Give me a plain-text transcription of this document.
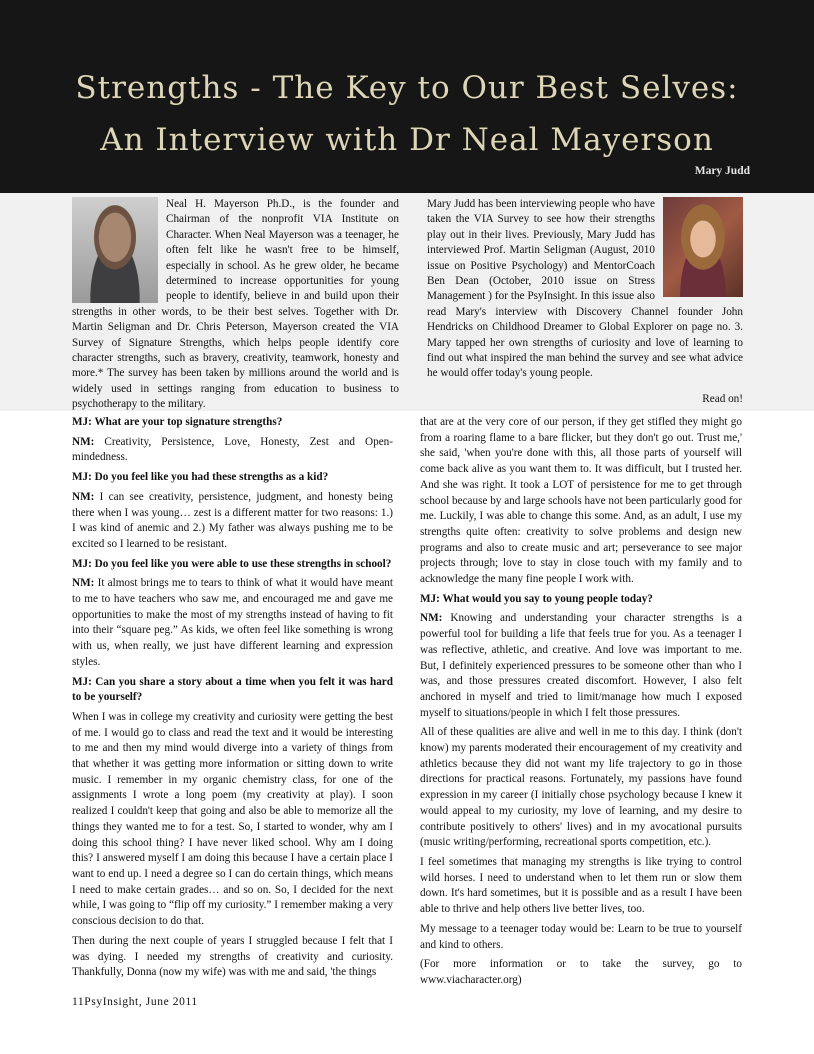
Strengths - The Key to Our Best Selves:
An Interview with Dr Neal Mayerson
Mary Judd
Neal H. Mayerson Ph.D., is the founder and Chairman of the nonprofit VIA Institute on Character. When Neal Mayerson was a teenager, he often felt like he wasn't free to be himself, especially in school. As he grew older, he became determined to increase opportunities for young people to identify, believe in and build upon their strengths in other words, to be their best selves. Together with Dr. Martin Seligman and Dr. Chris Peterson, Mayerson created the VIA Survey of Signature Strengths, which helps people identify core character strengths, such as bravery, creativity, teamwork, honesty and more.* The survey has been taken by millions around the world and is widely used in settings ranging from education to business to psychotherapy to the military.
Mary Judd has been interviewing people who have taken the VIA Survey to see how their strengths play out in their lives. Previously, Mary Judd has interviewed Prof. Martin Seligman (August, 2010 issue on Positive Psychology) and MentorCoach Ben Dean (October, 2010 issue on Stress Management ) for the PsyInsight. In this issue also read Mary's interview with Discovery Channel founder John Hendricks on Childhood Dreamer to Global Explorer on page no. 3. Mary tapped her own strengths of curiosity and love of learning to find out what inspired the man behind the survey and see what advice he would offer today's young people.
Read on!

MJ: What are your top signature strengths?

NM: Creativity, Persistence, Love, Honesty, Zest and Open-mindedness.

MJ: Do you feel like you had these strengths as a kid?

NM: I can see creativity, persistence, judgment, and honesty being there when I was young… zest is a different matter for two reasons: 1.) I was kind of anemic and 2.) My father was always pushing me to be excited so I learned to be resistant.

MJ: Do you feel like you were able to use these strengths in school?

NM: It almost brings me to tears to think of what it would have meant to me to have teachers who saw me, and encouraged me and gave me opportunities to make the most of my strengths instead of having to fit into their “square peg.” As kids, we often feel like something is wrong with us, when really, we just have different learning and expression styles.

MJ: Can you share a story about a time when you felt it was hard to be yourself?

When I was in college my creativity and curiosity were getting the best of me. I would go to class and read the text and it would be interesting to me and then my mind would diverge into a variety of things from that whether it was getting more information or sitting down to write music. I remember in my organic chemistry class, for one of the assignments I wrote a long poem (my creativity at play). I soon realized I couldn't keep that going and also be able to memorize all the things they wanted me to for a test. So, I started to wonder, why am I doing this school thing? I have never liked school. Why am I doing this? I answered myself I am doing this because I have a certain place I want to end up. I need a degree so I can do certain things, which means I need to make certain grades… and so on. So, I decided for the next while, I was going to “flip off my curiosity.” I remember making a very conscious decision to do that.

Then during the next couple of years I struggled because I felt that I was dying. I needed my strengths of creativity and curiosity. Thankfully, Donna (now my wife) was with me and said, 'the things

that are at the very core of our person, if they get stifled they might go from a roaring flame to a bare flicker, but they don't go out. Trust me,' she said, 'when you're done with this, all those parts of yourself will come back alive as you want them to. It was difficult, but I trusted her. And she was right. It took a LOT of persistence for me to get through school because by and large schools have not been particularly good for me. Luckily, I was able to change this some. And, as an adult, I use my strengths quite often: creativity to solve problems and design new programs and also to create music and art; perseverance to see major projects through; love to stay in close touch with my family and to acknowledge the many fine people I work with.

MJ: What would you say to young people today?

NM: Knowing and understanding your character strengths is a powerful tool for building a life that feels true for you. As a teenager I was reflective, athletic, and creative. And love was important to me. But, I definitely experienced pressures to be someone other than who I was, and those pressures created discomfort. However, I also felt anchored in myself and tried to limit/manage how much I exposed myself to situations/people in which I felt those pressures.

All of these qualities are alive and well in me to this day. I think (don't know) my parents moderated their encouragement of my creativity and athletics because they did not want my life trajectory to go in those directions for practical reasons. Fortunately, my passions have found expression in my career (I initially chose psychology because I knew it would appeal to my curiosity, my love of learning, and my desire to contribute positively to others' lives) and in my avocational pursuits (music writing/performing, recreational sports competition, etc.).

I feel sometimes that managing my strengths is like trying to control wild horses. I need to understand when to let them run or slow them down. It's hard sometimes, but it is possible and as a result I have been able to thrive and help others live better lives, too.

My message to a teenager today would be: Learn to be true to yourself and kind to others.

(For more information or to take the survey, go to www.viacharacter.org)

11PsyInsight, June 2011
